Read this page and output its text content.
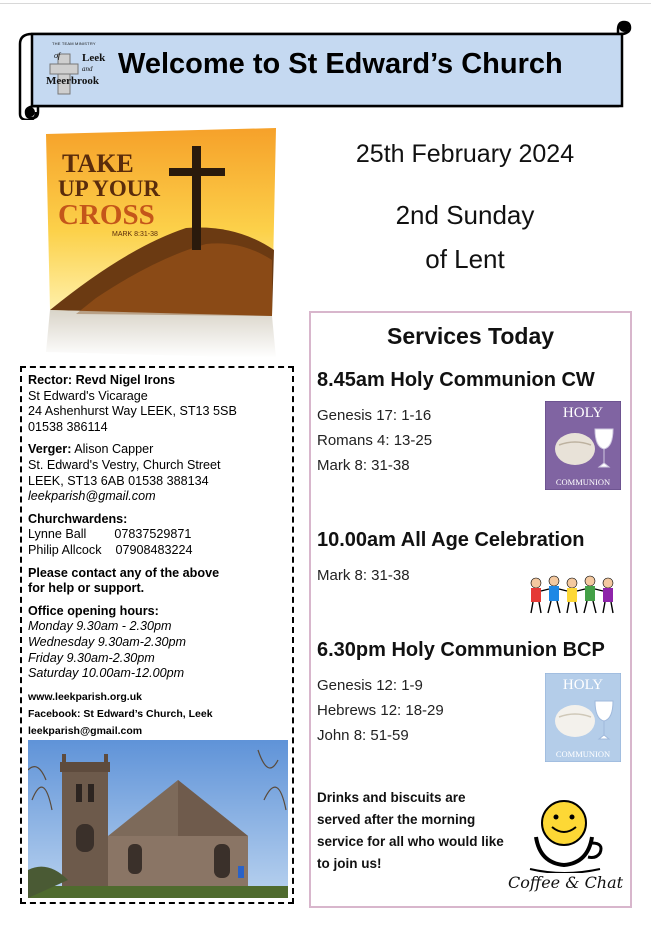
THE TEAM MINISTRY
of Leek
and
Meerbrook
Welcome to St Edward’s Church
TAKE
UP YOUR
CROSS
MARK 8:31-38
25th February 2024
2nd Sunday
of Lent
Rector: Revd Nigel Irons
St Edward's Vicarage
24 Ashenhurst Way LEEK, ST13 5SB
01538 386114
Verger: Alison Capper
St. Edward's Vestry, Church Street
LEEK, ST13 6AB 01538 388134
leekparish@gmail.com
Churchwardens:
Lynne Ball        07837529871
Philip Allcock    07908483224
Please contact any of the above
for help or support.
Office opening hours:
Monday 9.30am - 2.30pm
Wednesday 9.30am-2.30pm
Friday 9.30am-2.30pm
Saturday 10.00am-12.00pm
www.leekparish.org.uk
Facebook: St Edward’s Church, Leek
leekparish@gmail.com
Services Today
8.45am Holy Communion CW
Genesis 17: 1-16
Romans 4: 13-25
Mark 8: 31-38
HOLY
COMMUNION
10.00am All Age Celebration
Mark 8: 31-38
6.30pm Holy Communion BCP
Genesis 12: 1-9
Hebrews 12: 18-29
John 8: 51-59
HOLY
COMMUNION
Drinks and biscuits are served after the morning service for all who would like to join us!
Coffee & Chat
